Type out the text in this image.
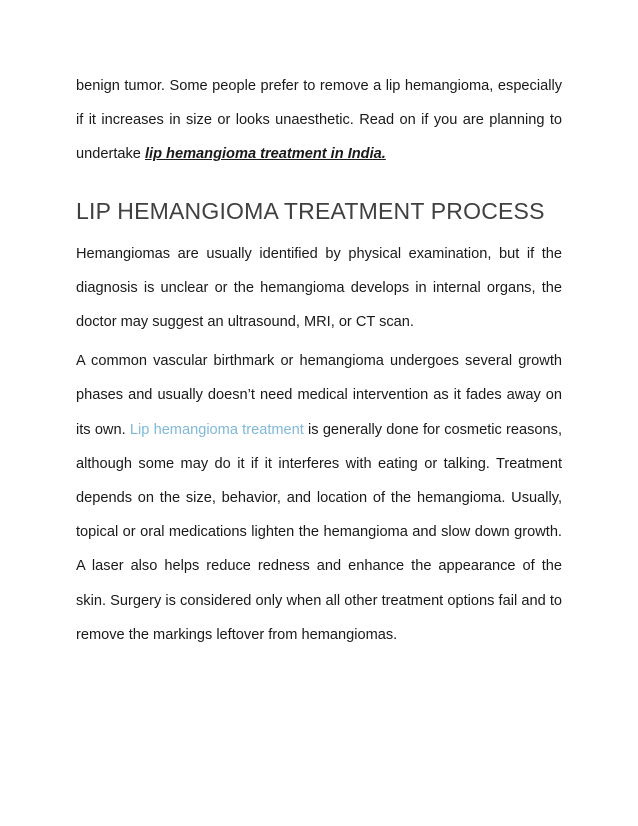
benign tumor. Some people prefer to remove a lip hemangioma, especially if it increases in size or looks unaesthetic. Read on if you are planning to undertake lip hemangioma treatment in India.

LIP HEMANGIOMA TREATMENT PROCESS

Hemangiomas are usually identified by physical examination, but if the diagnosis is unclear or the hemangioma develops in internal organs, the doctor may suggest an ultrasound, MRI, or CT scan.

A common vascular birthmark or hemangioma undergoes several growth phases and usually doesn’t need medical intervention as it fades away on its own. Lip hemangioma treatment is generally done for cosmetic reasons, although some may do it if it interferes with eating or talking. Treatment depends on the size, behavior, and location of the hemangioma. Usually, topical or oral medications lighten the hemangioma and slow down growth. A laser also helps reduce redness and enhance the appearance of the skin. Surgery is considered only when all other treatment options fail and to remove the markings leftover from hemangiomas.
